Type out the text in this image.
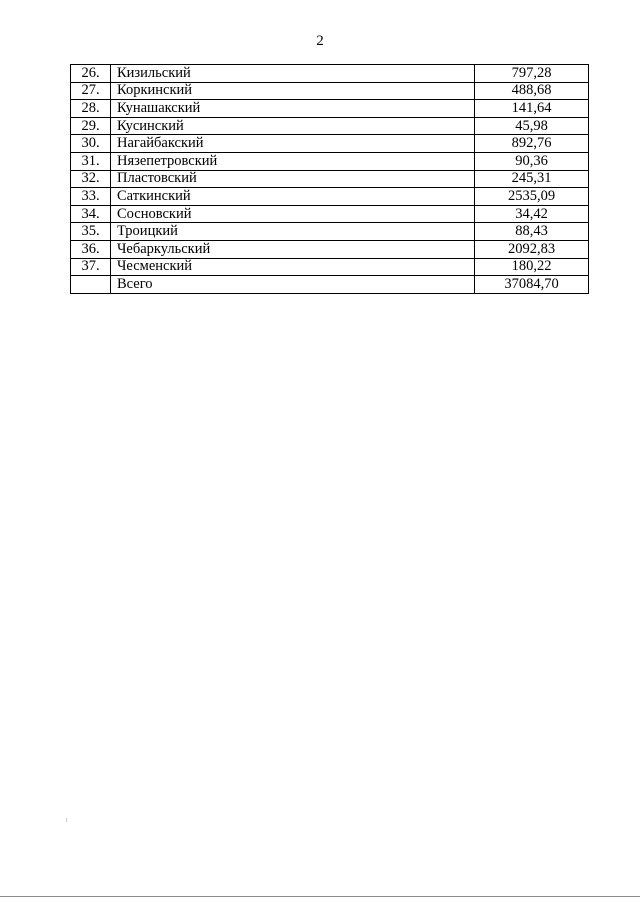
2
26.	Кизильский	797,28
27.	Коркинский	488,68
28.	Кунашакский	141,64
29.	Кусинский	45,98
30.	Нагайбакский	892,76
31.	Нязепетровский	90,36
32.	Пластовский	245,31
33.	Саткинский	2535,09
34.	Сосновский	34,42
35.	Троицкий	88,43
36.	Чебаркульский	2092,83
37.	Чесменский	180,22
	Всего	37084,70
